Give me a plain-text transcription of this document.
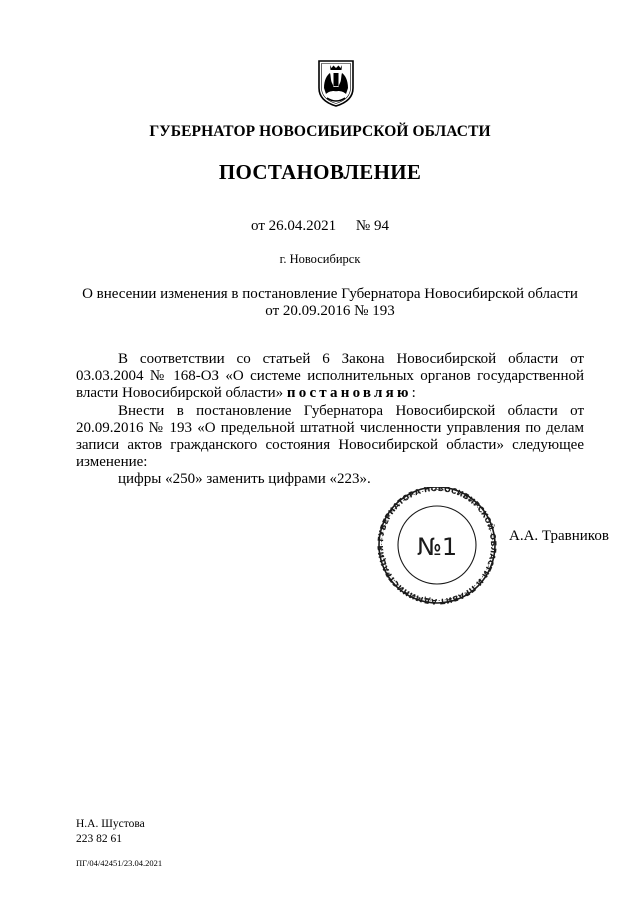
ГУБЕРНАТОР НОВОСИБИРСКОЙ ОБЛАСТИ
ПОСТАНОВЛЕНИЕ
от 26.04.2021 № 94
г. Новосибирск
О внесении изменения в постановление Губернатора Новосибирской области
от 20.09.2016 № 193

В соответствии со статьей 6 Закона Новосибирской области от 03.03.2004 № 168-ОЗ «О системе исполнительных органов государственной власти Новосибирской области» постановляю:

Внести в постановление Губернатора Новосибирской области от 20.09.2016 № 193 «О предельной штатной численности управления по делам записи актов гражданского состояния Новосибирской области» следующее изменение:

цифры «250» заменить цифрами «223».

АДМИНИСТРАЦИЯ ГУБЕРНАТОРА НОВОСИБИРСКОЙ ОБЛАСТИ И ПРАВИТ
№1	А.А. Травников
Н.А. Шустова
223 82 61
ПГ/04/42451/23.04.2021
